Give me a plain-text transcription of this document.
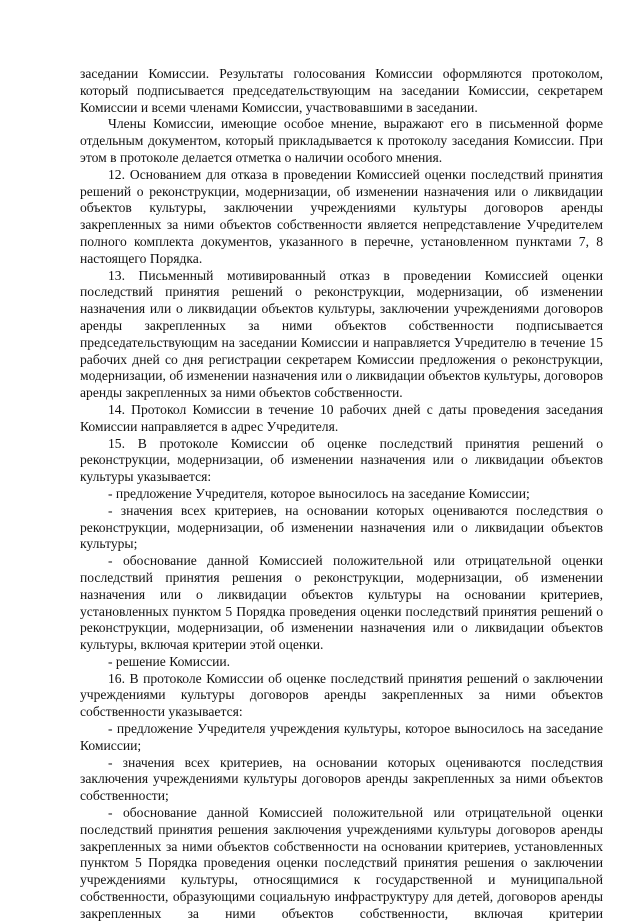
заседании Комиссии. Результаты голосования Комиссии оформляются протоколом, который подписывается председательствующим на заседании Комиссии, секретарем Комиссии и всеми членами Комиссии, участвовавшими в заседании.

Члены Комиссии, имеющие особое мнение, выражают его в письменной форме отдельным документом, который прикладывается к протоколу заседания Комиссии. При этом в протоколе делается отметка о наличии особого мнения.

12. Основанием для отказа в проведении Комиссией оценки последствий принятия решений о реконструкции, модернизации, об изменении назначения или о ликвидации объектов культуры, заключении учреждениями культуры договоров аренды закрепленных за ними объектов собственности является непредставление Учредителем полного комплекта документов, указанного в перечне, установленном пунктами 7, 8 настоящего Порядка.

13. Письменный мотивированный отказ в проведении Комиссией оценки последствий принятия решений о реконструкции, модернизации, об изменении назначения или о ликвидации объектов культуры, заключении учреждениями договоров аренды закрепленных за ними объектов собственности подписывается председательствующим на заседании Комиссии и направляется Учредителю в течение 15 рабочих дней со дня регистрации секретарем Комиссии предложения о реконструкции, модернизации, об изменении назначения или о ликвидации объектов культуры, договоров аренды закрепленных за ними объектов собственности.

14. Протокол Комиссии в течение 10 рабочих дней с даты проведения заседания Комиссии направляется в адрес Учредителя.

15. В протоколе Комиссии об оценке последствий принятия решений о реконструкции, модернизации, об изменении назначения или о ликвидации объектов культуры указывается:

- предложение Учредителя, которое выносилось на заседание Комиссии;

- значения всех критериев, на основании которых оцениваются последствия о реконструкции, модернизации, об изменении назначения или о ликвидации объектов культуры;

- обоснование данной Комиссией положительной или отрицательной оценки последствий принятия решения о реконструкции, модернизации, об изменении назначения или о ликвидации объектов культуры на основании критериев, установленных пунктом 5 Порядка проведения оценки последствий принятия решений о реконструкции, модернизации, об изменении назначения или о ликвидации объектов культуры, включая критерии этой оценки.

- решение Комиссии.

16. В протоколе Комиссии об оценке последствий принятия решений о заключении учреждениями культуры договоров аренды закрепленных за ними объектов собственности указывается:

- предложение Учредителя учреждения культуры, которое выносилось на заседание Комиссии;

- значения всех критериев, на основании которых оцениваются последствия заключения учреждениями культуры договоров аренды закрепленных за ними объектов собственности;

- обоснование данной Комиссией положительной или отрицательной оценки последствий принятия решения заключения учреждениями культуры договоров аренды закрепленных за ними объектов собственности на основании критериев, установленных пунктом 5 Порядка проведения оценки последствий принятия решения о заключении учреждениями культуры, относящимися к государственной и муниципальной собственности, образующими социальную инфраструктуру для детей, договоров аренды закрепленных за ними объектов собственности, включая критерии
